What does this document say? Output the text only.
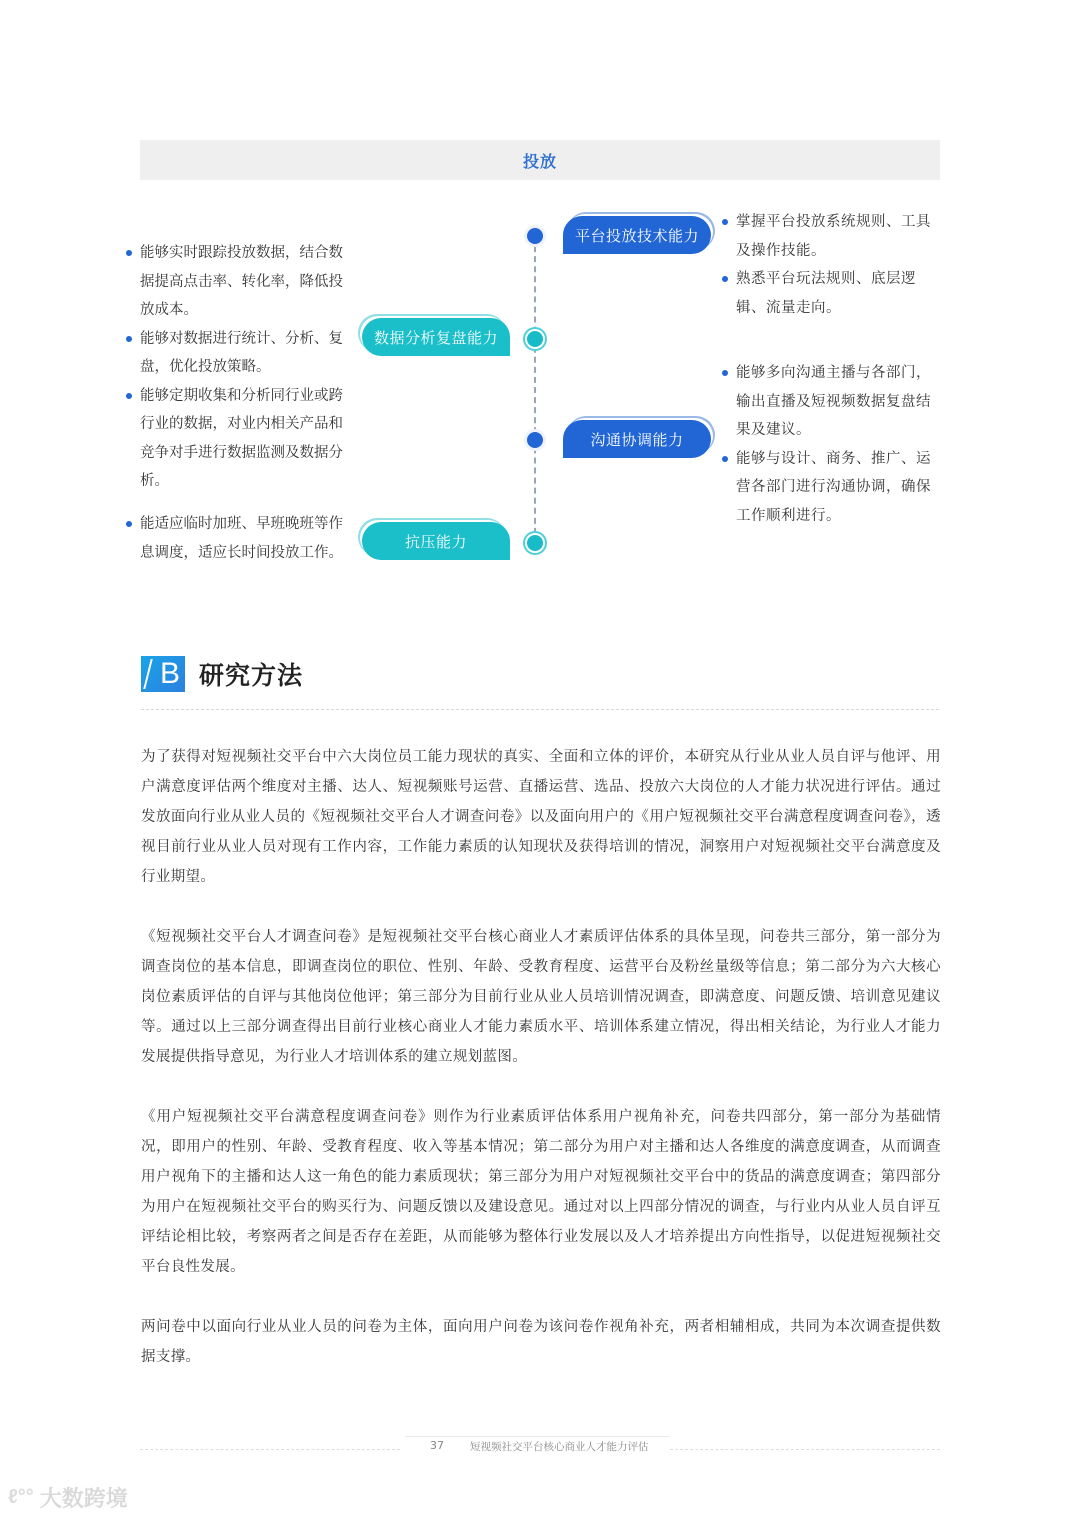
投放
平台投放技术能力
掌握平台投放系统规则、工具及操作技能。
熟悉平台玩法规则、底层逻辑、流量走向。
数据分析复盘能力
能够实时跟踪投放数据，结合数据提高点击率、转化率，降低投放成本。
能够对数据进行统计、分析、复盘，优化投放策略。
能够定期收集和分析同行业或跨行业的数据，对业内相关产品和竞争对手进行数据监测及数据分析。
沟通协调能力
能够多向沟通主播与各部门，输出直播及短视频数据复盘结果及建议。
能够与设计、商务、推广、运营各部门进行沟通协调，确保工作顺利进行。
抗压能力
能适应临时加班、早班晚班等作息调度，适应长时间投放工作。
B 研究方法

为了获得对短视频社交平台中六大岗位员工能力现状的真实、全面和立体的评价，本研究从行业从业人员自评与他评、用户满意度评估两个维度对主播、达人、短视频账号运营、直播运营、选品、投放六大岗位的人才能力状况进行评估。通过发放面向行业从业人员的《短视频社交平台人才调查问卷》以及面向用户的《用户短视频社交平台满意程度调查问卷》，透视目前行业从业人员对现有工作内容，工作能力素质的认知现状及获得培训的情况，洞察用户对短视频社交平台满意度及行业期望。

《短视频社交平台人才调查问卷》是短视频社交平台核心商业人才素质评估体系的具体呈现，问卷共三部分，第一部分为调查岗位的基本信息，即调查岗位的职位、性别、年龄、受教育程度、运营平台及粉丝量级等信息；第二部分为六大核心岗位素质评估的自评与其他岗位他评；第三部分为目前行业从业人员培训情况调查，即满意度、问题反馈、培训意见建议等。通过以上三部分调查得出目前行业核心商业人才能力素质水平、培训体系建立情况，得出相关结论，为行业人才能力发展提供指导意见，为行业人才培训体系的建立规划蓝图。

《用户短视频社交平台满意程度调查问卷》则作为行业素质评估体系用户视角补充，问卷共四部分，第一部分为基础情况，即用户的性别、年龄、受教育程度、收入等基本情况；第二部分为用户对主播和达人各维度的满意度调查，从而调查用户视角下的主播和达人这一角色的能力素质现状；第三部分为用户对短视频社交平台中的货品的满意度调查；第四部分为用户在短视频社交平台的购买行为、问题反馈以及建设意见。通过对以上四部分情况的调查，与行业内从业人员自评互评结论相比较，考察两者之间是否存在差距，从而能够为整体行业发展以及人才培养提出方向性指导，以促进短视频社交平台良性发展。

两问卷中以面向行业从业人员的问卷为主体，面向用户问卷为该问卷作视角补充，两者相辅相成，共同为本次调查提供数据支撑。

37 短视频社交平台核心商业人才能力评估
ℓ°° 大数跨境
